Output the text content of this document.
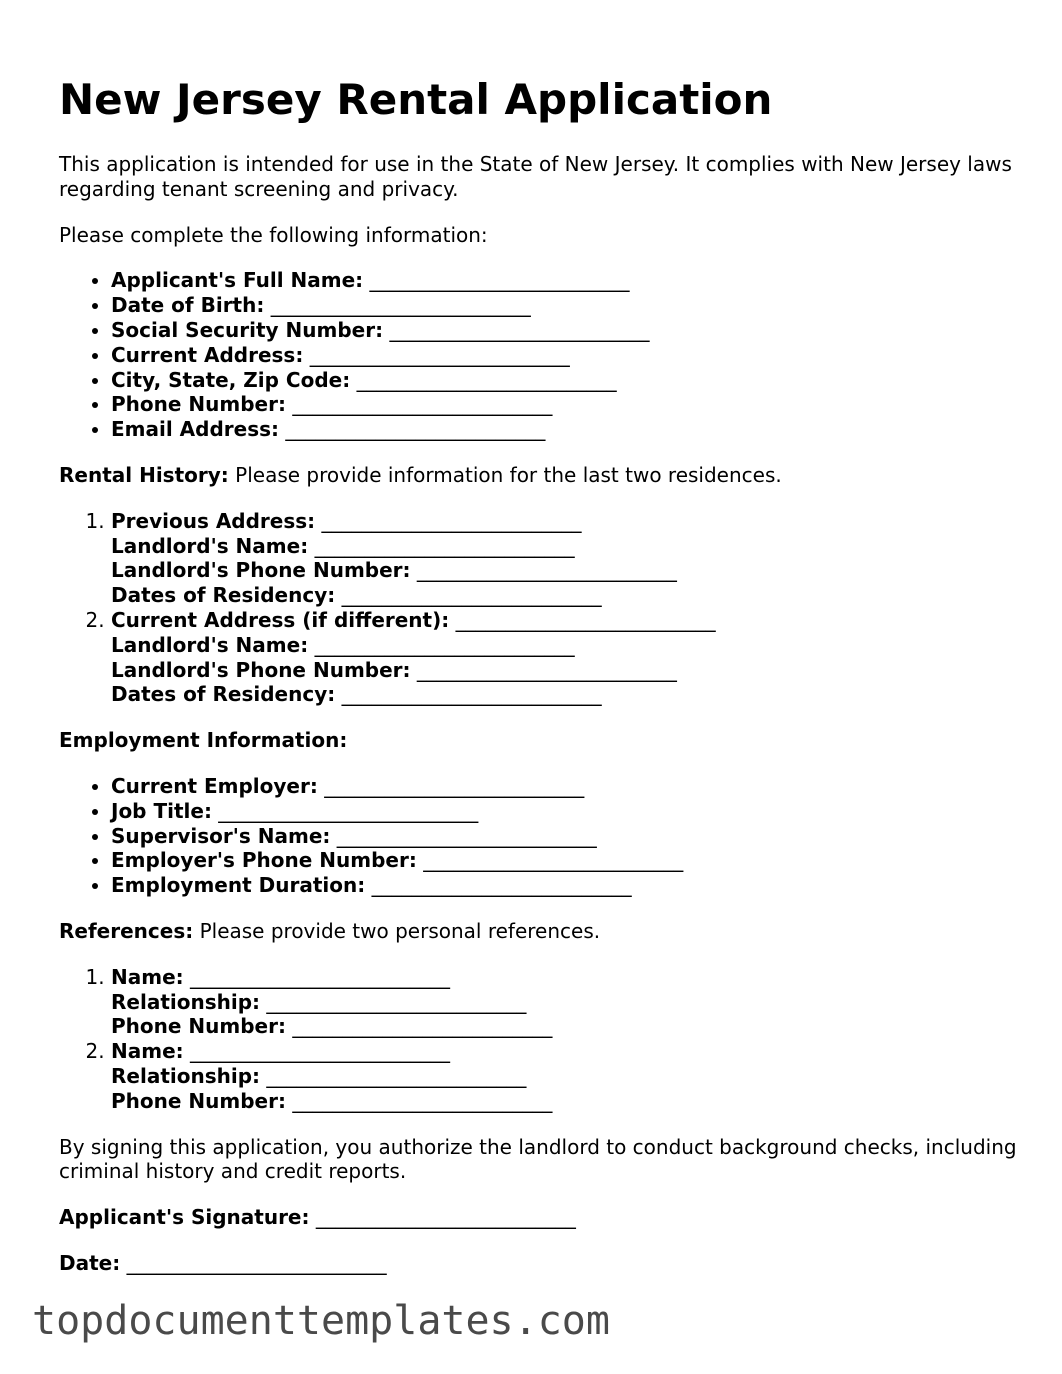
New Jersey Rental Application

This application is intended for use in the State of New Jersey. It complies with New Jersey laws regarding tenant screening and privacy.

Please complete the following information:

• Applicant's Full Name: __________________________
• Date of Birth: __________________________
• Social Security Number: __________________________
• Current Address: __________________________
• City, State, Zip Code: __________________________
• Phone Number: __________________________
• Email Address: __________________________

Rental History: Please provide information for the last two residences.

1. Previous Address: __________________________
Landlord's Name: __________________________
Landlord's Phone Number: __________________________
Dates of Residency: __________________________
2. Current Address (if different): __________________________
Landlord's Name: __________________________
Landlord's Phone Number: __________________________
Dates of Residency: __________________________

Employment Information:

• Current Employer: __________________________
• Job Title: __________________________
• Supervisor's Name: __________________________
• Employer's Phone Number: __________________________
• Employment Duration: __________________________

References: Please provide two personal references.

1. Name: __________________________
Relationship: __________________________
Phone Number: __________________________
2. Name: __________________________
Relationship: __________________________
Phone Number: __________________________

By signing this application, you authorize the landlord to conduct background checks, including criminal history and credit reports.

Applicant's Signature: __________________________

Date: __________________________

topdocumenttemplates.com
